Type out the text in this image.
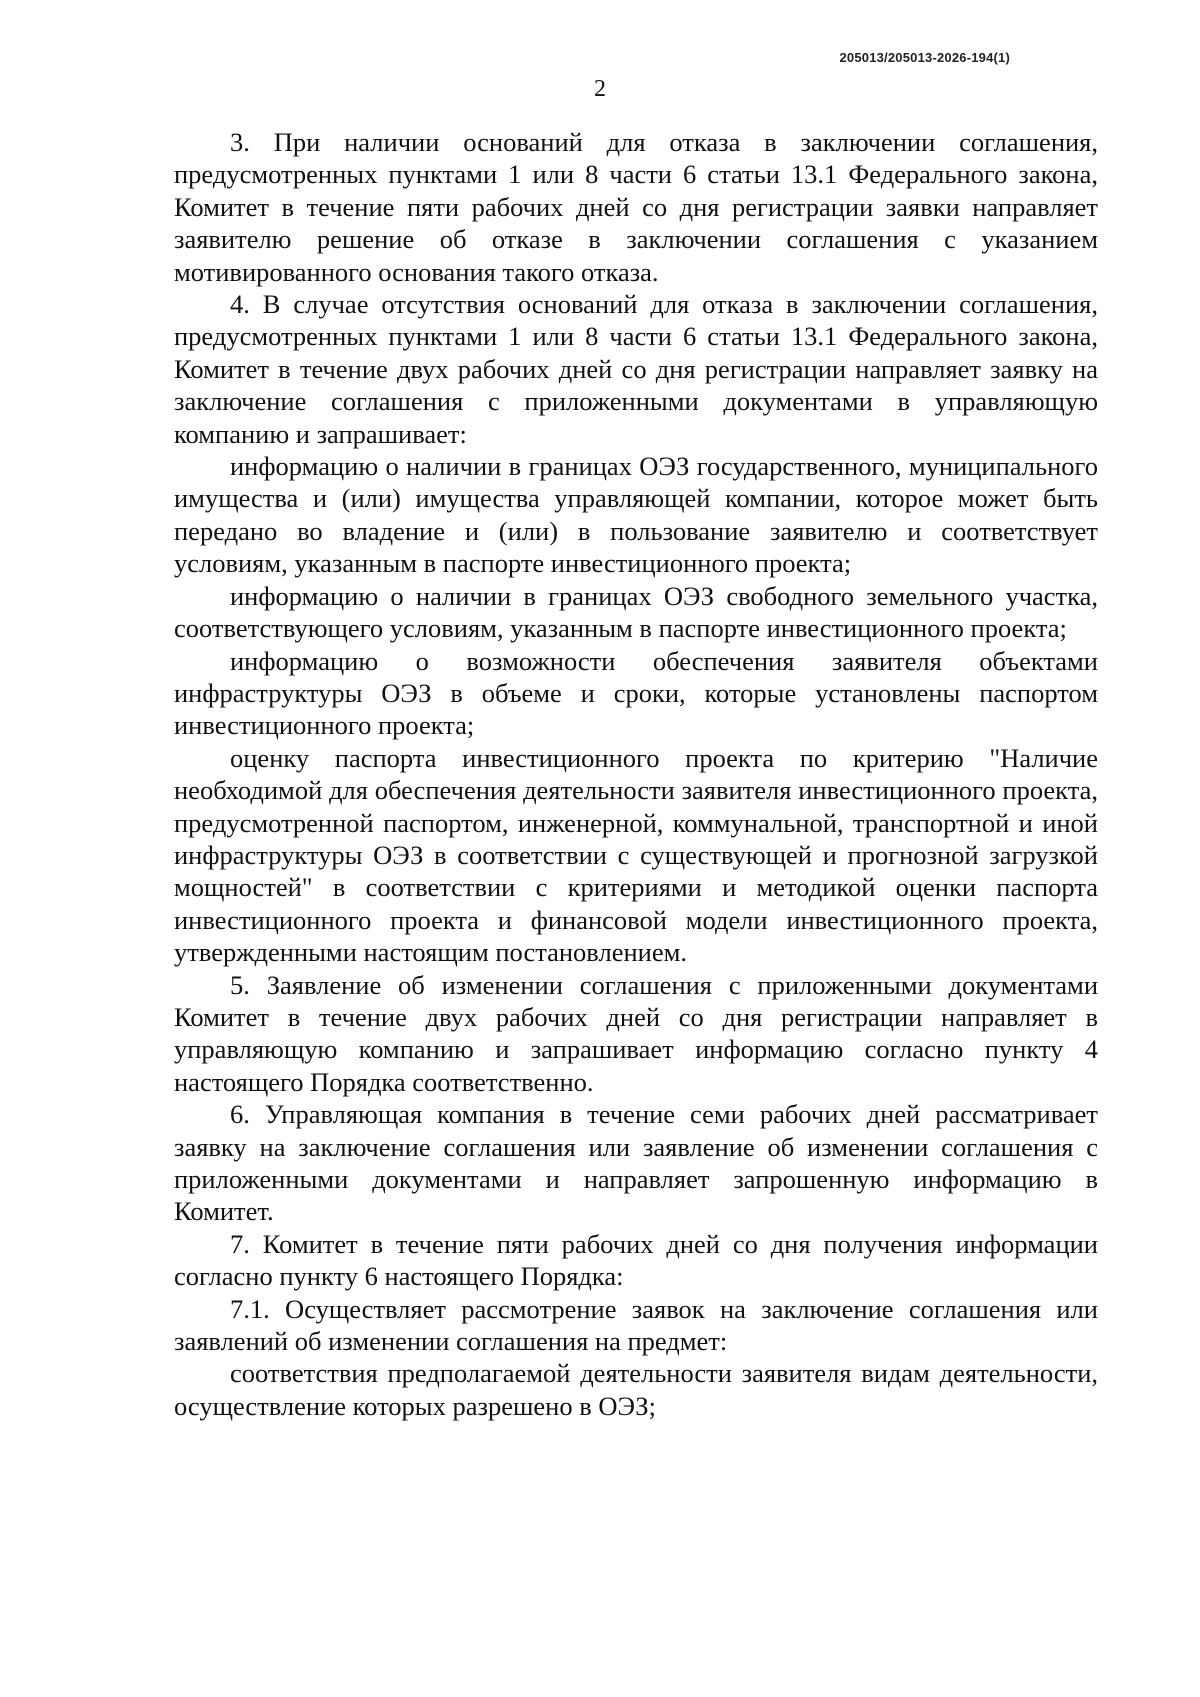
205013/205013-2026-194(1)
2

3. При наличии оснований для отказа в заключении соглашения, предусмотренных пунктами 1 или 8 части 6 статьи 13.1 Федерального закона, Комитет в течение пяти рабочих дней со дня регистрации заявки направляет заявителю решение об отказе в заключении соглашения с указанием мотивированного основания такого отказа.

4. В случае отсутствия оснований для отказа в заключении соглашения, предусмотренных пунктами 1 или 8 части 6 статьи 13.1 Федерального закона, Комитет в течение двух рабочих дней со дня регистрации направляет заявку на заключение соглашения с приложенными документами в управляющую компанию и запрашивает:

информацию о наличии в границах ОЭЗ государственного, муниципального имущества и (или) имущества управляющей компании, которое может быть передано во владение и (или) в пользование заявителю и соответствует условиям, указанным в паспорте инвестиционного проекта;

информацию о наличии в границах ОЭЗ свободного земельного участка, соответствующего условиям, указанным в паспорте инвестиционного проекта;

информацию о возможности обеспечения заявителя объектами инфраструктуры ОЭЗ в объеме и сроки, которые установлены паспортом инвестиционного проекта;

оценку паспорта инвестиционного проекта по критерию "Наличие необходимой для обеспечения деятельности заявителя инвестиционного проекта, предусмотренной паспортом, инженерной, коммунальной, транспортной и иной инфраструктуры ОЭЗ в соответствии с существующей и прогнозной загрузкой мощностей" в соответствии с критериями и методикой оценки паспорта инвестиционного проекта и финансовой модели инвестиционного проекта, утвержденными настоящим постановлением.

5. Заявление об изменении соглашения с приложенными документами Комитет в течение двух рабочих дней со дня регистрации направляет в управляющую компанию и запрашивает информацию согласно пункту 4 настоящего Порядка соответственно.

6. Управляющая компания в течение семи рабочих дней рассматривает заявку на заключение соглашения или заявление об изменении соглашения с приложенными документами и направляет запрошенную информацию в Комитет.

7. Комитет в течение пяти рабочих дней со дня получения информации согласно пункту 6 настоящего Порядка:

7.1. Осуществляет рассмотрение заявок на заключение соглашения или заявлений об изменении соглашения на предмет:

соответствия предполагаемой деятельности заявителя видам деятельности, осуществление которых разрешено в ОЭЗ;
